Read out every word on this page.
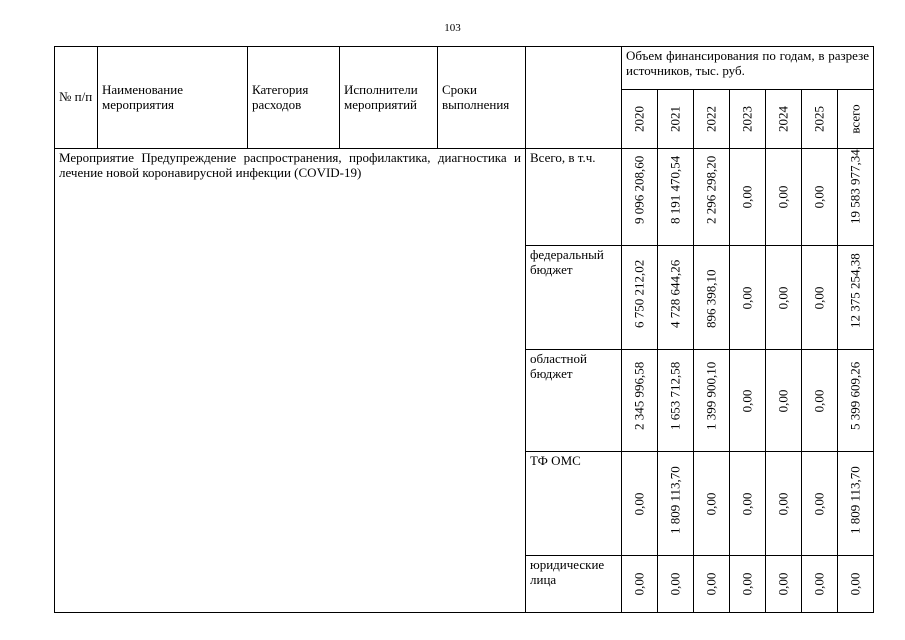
103
№ п/п	Наименование мероприятия	Категория расходов	Исполнители мероприятий	Сроки выполнения		Объем финансирования по годам, в разрезе источников, тыс. руб.						

						2020	2021	2022	2023	2024	2025	всего

Мероприятие Предупреждение распространения, профилактика, диагностика и лечение новой коронавирусной инфекции (COVID-19)					Всего, в т.ч.	9 096 208,60	8 191 470,54	2 296 298,20	0,00	0,00	0,00	19 583 977,34

					федеральный бюджет	6 750 212,02	4 728 644,26	896 398,10	0,00	0,00	0,00	12 375 254,38

					областной бюджет	2 345 996,58	1 653 712,58	1 399 900,10	0,00	0,00	0,00	5 399 609,26

					ТФ ОМС	0,00	1 809 113,70	0,00	0,00	0,00	0,00	1 809 113,70

					юридические лица	0,00	0,00	0,00	0,00	0,00	0,00	0,00
